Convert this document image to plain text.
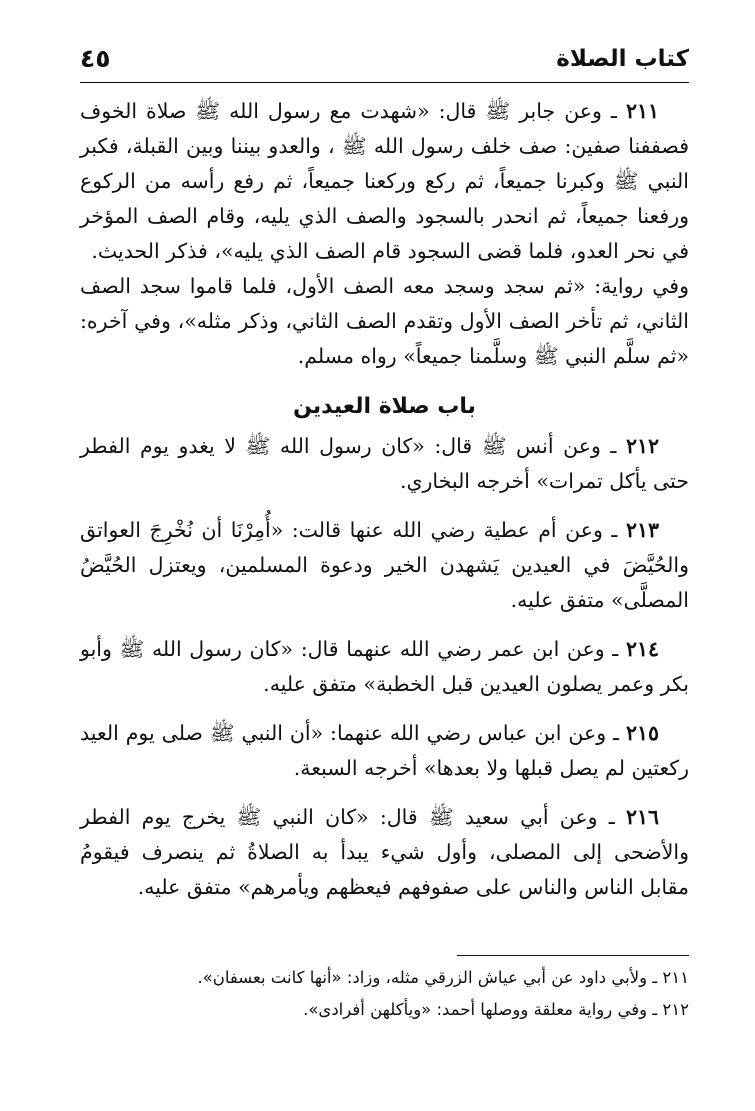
كتاب الصلاة
٤٥

٢١١ ـ وعن جابر ﷺ قال: «شهدت مع رسول الله ﷺ صلاة الخوف فصففنا صفين: صف خلف رسول الله ﷺ ، والعدو بيننا وبين القبلة، فكبر النبي ﷺ وكبرنا جميعاً، ثم ركع وركعنا جميعاً، ثم رفع رأسه من الركوع ورفعنا جميعاً، ثم انحدر بالسجود والصف الذي يليه، وقام الصف المؤخر في نحر العدو، فلما قضى السجود قام الصف الذي يليه»، فذكر الحديث.

وفي رواية: «ثم سجد وسجد معه الصف الأول، فلما قاموا سجد الصف الثاني، ثم تأخر الصف الأول وتقدم الصف الثاني، وذكر مثله»، وفي آخره: «ثم سلَّم النبي ﷺ وسلَّمنا جميعاً» رواه مسلم.

باب صلاة العيدين

٢١٢ ـ وعن أنس ﷺ قال: «كان رسول الله ﷺ لا يغدو يوم الفطر حتى يأكل تمرات» أخرجه البخاري.

٢١٣ ـ وعن أم عطية رضي الله عنها قالت: «أُمِرْنَا أن نُخْرِجَ العواتق والحُيَّضَ في العيدين يَشهدن الخير ودعوة المسلمين، ويعتزل الحُيَّضُ المصلَّى» متفق عليه.

٢١٤ ـ وعن ابن عمر رضي الله عنهما قال: «كان رسول الله ﷺ وأبو بكر وعمر يصلون العيدين قبل الخطبة» متفق عليه.

٢١٥ ـ وعن ابن عباس رضي الله عنهما: «أن النبي ﷺ صلى يوم العيد ركعتين لم يصل قبلها ولا بعدها» أخرجه السبعة.

٢١٦ ـ وعن أبي سعيد ﷺ قال: «كان النبي ﷺ يخرج يوم الفطر والأضحى إلى المصلى، وأول شيء يبدأ به الصلاةُ ثم ينصرف فيقومُ مقابل الناس والناس على صفوفهم فيعظهم ويأمرهم» متفق عليه.

٢١١ ـ ولأبي داود عن أبي عياش الزرقي مثله، وزاد: «أنها كانت بعسفان».

٢١٢ ـ وفي رواية معلقة ووصلها أحمد: «ويأكلهن أفرادى».
